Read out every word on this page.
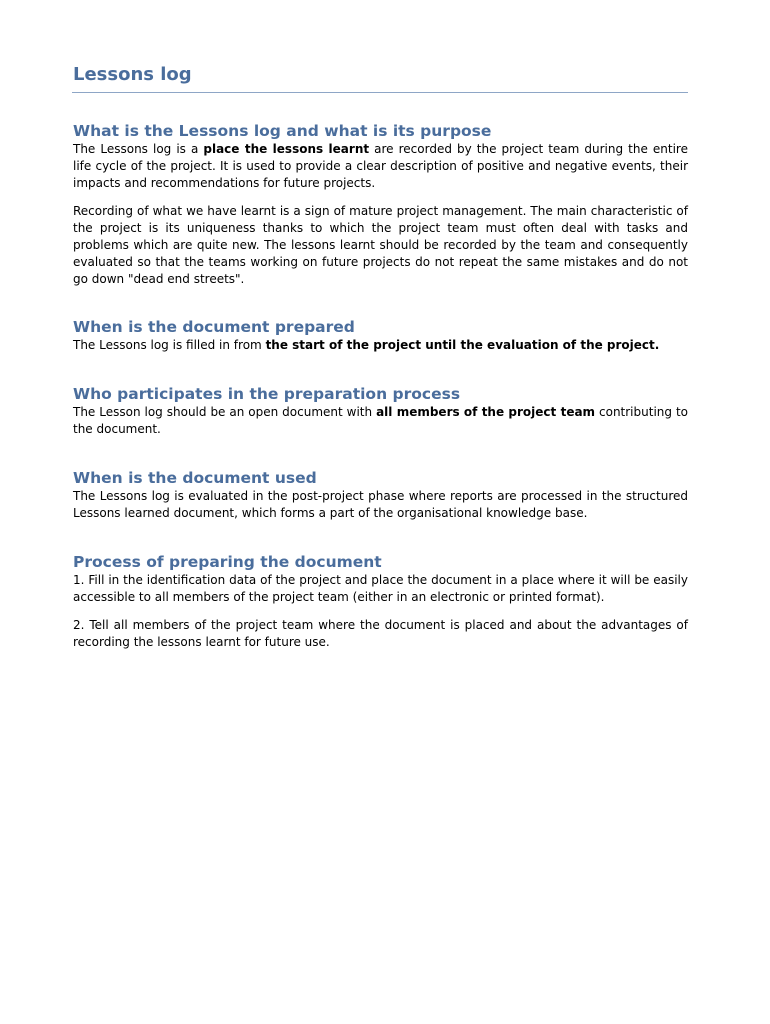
Lessons log
What is the Lessons log and what is its purpose

The Lessons log is a place the lessons learnt are recorded by the project team during the entire life cycle of the project. It is used to provide a clear description of positive and negative events, their impacts and recommendations for future projects.

Recording of what we have learnt is a sign of mature project management. The main characteristic of the project is its uniqueness thanks to which the project team must often deal with tasks and problems which are quite new. The lessons learnt should be recorded by the team and consequently evaluated so that the teams working on future projects do not repeat the same mistakes and do not go down "dead end streets".

When is the document prepared

The Lessons log is filled in from the start of the project until the evaluation of the project.

Who participates in the preparation process

The Lesson log should be an open document with all members of the project team contributing to the document.

When is the document used

The Lessons log is evaluated in the post-project phase where reports are processed in the structured Lessons learned document, which forms a part of the organisational knowledge base.

Process of preparing the document

1. Fill in the identification data of the project and place the document in a place where it will be easily accessible to all members of the project team (either in an electronic or printed format).

2. Tell all members of the project team where the document is placed and about the advantages of recording the lessons learnt for future use.
